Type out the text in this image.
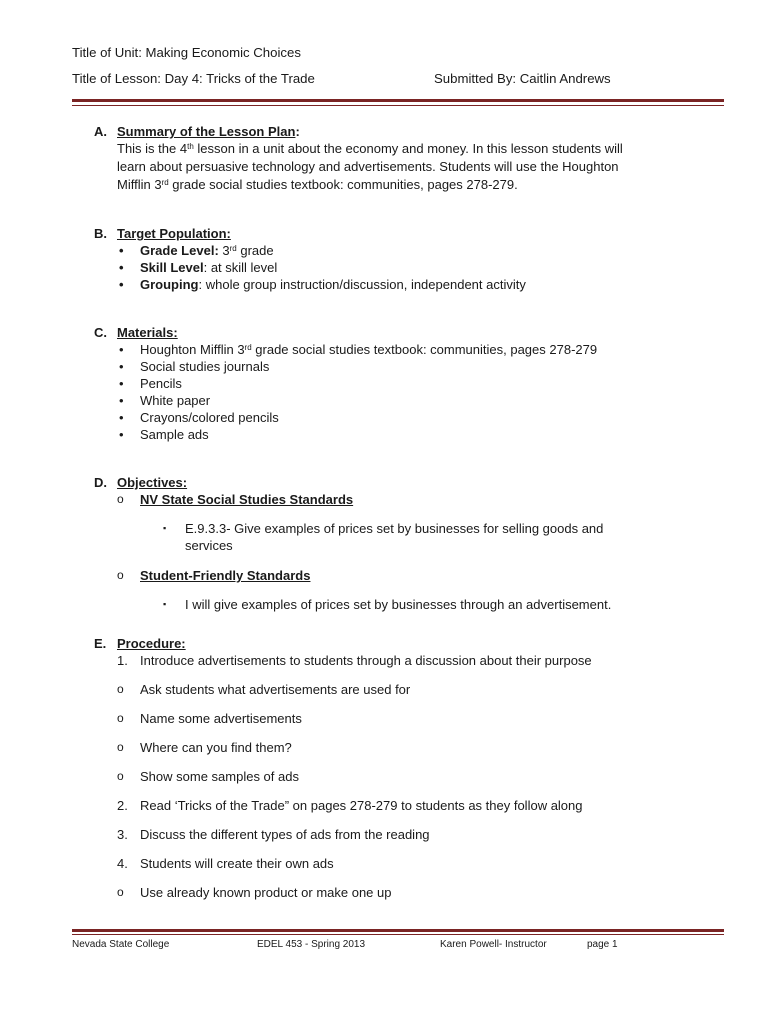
Title of Unit: Making Economic Choices
Title of Lesson: Day 4: Tricks of the Trade	Submitted By: Caitlin Andrews
A. Summary of the Lesson Plan:
This is the 4th lesson in a unit about the economy and money. In this lesson students will
learn about persuasive technology and advertisements. Students will use the Houghton
Mifflin 3rd grade social studies textbook: communities, pages 278-279.
B. Target Population:
• Grade Level: 3rd grade
• Skill Level: at skill level
• Grouping: whole group instruction/discussion, independent activity
C. Materials:
• Houghton Mifflin 3rd grade social studies textbook: communities, pages 278-279
• Social studies journals
• Pencils
• White paper
• Crayons/colored pencils
• Sample ads
D. Objectives:
o NV State Social Studies Standards
▪ E.9.3.3- Give examples of prices set by businesses for selling goods and
services
o Student-Friendly Standards
▪ I will give examples of prices set by businesses through an advertisement.
E. Procedure:
1. Introduce advertisements to students through a discussion about their purpose
o Ask students what advertisements are used for
o Name some advertisements
o Where can you find them?
o Show some samples of ads
2. Read ‘Tricks of the Trade” on pages 278-279 to students as they follow along
3. Discuss the different types of ads from the reading
4. Students will create their own ads
o Use already known product or make one up
Nevada State College	EDEL 453 - Spring 2013	Karen Powell- Instructor	page 1
